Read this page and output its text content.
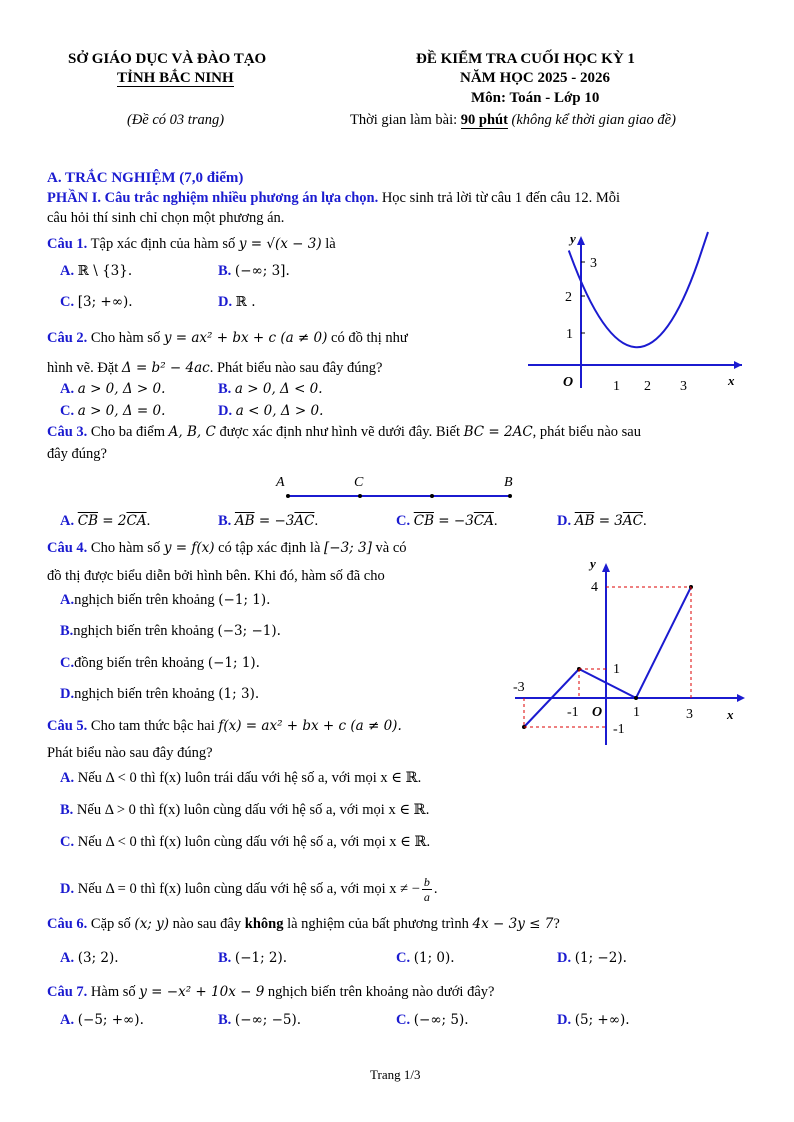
SỞ GIÁO DỤC VÀ ĐÀO TẠO
TỈNH BẮC NINH
(Đề có 03 trang)
ĐỀ KIỂM TRA CUỐI HỌC KỲ 1
NĂM HỌC 2025 - 2026
Môn: Toán - Lớp 10
Thời gian làm bài: 90 phút (không kể thời gian giao đề)
A. TRẮC NGHIỆM (7,0 điểm)
PHẦN I. Câu trắc nghiệm nhiều phương án lựa chọn. Học sinh trả lời từ câu 1 đến câu 12. Mỗi
câu hỏi thí sinh chỉ chọn một phương án.
Câu 1. Tập xác định của hàm số y = √(x − 3) là
A. ℝ \ {3}.	B. (−∞; 3].
C. [3; +∞).	D. ℝ .
Câu 2. Cho hàm số y = ax² + bx + c (a ≠ 0) có đồ thị như
hình vẽ. Đặt Δ = b² − 4ac. Phát biểu nào sau đây đúng?
A. a > 0, Δ > 0.	B. a > 0, Δ < 0.
C. a > 0, Δ = 0.	D. a < 0, Δ > 0.
y
x
O	1 2 3
1
2
3
Câu 3. Cho ba điểm A, B, C được xác định như hình vẽ dưới đây. Biết BC = 2AC, phát biểu nào sau
đây đúng?
A	C	B
A. $\overline{CB} = 2\overline{CA}$.	B. $\overline{AB} = -3\overline{AC}$.	C. $\overline{CB} = -3\overline{CA}$.	D. $\overline{AB} = 3\overline{AC}$.
Câu 4. Cho hàm số y = f(x) có tập xác định là [−3; 3] và có
đồ thị được biểu diễn bởi hình bên. Khi đó, hàm số đã cho
A.nghịch biến trên khoảng (−1; 1).
B.nghịch biến trên khoảng (−3; −1).
C.đồng biến trên khoảng (−1; 1).
D.nghịch biến trên khoảng (1; 3).
y
x
O
-1	1	3
4
1
-1
-3
Câu 5. Cho tam thức bậc hai f(x) = ax² + bx + c (a ≠ 0).
Phát biểu nào sau đây đúng?
A. Nếu Δ < 0 thì f(x) luôn trái dấu với hệ số a, với mọi x ∈ ℝ.
B. Nếu Δ > 0 thì f(x) luôn cùng dấu với hệ số a, với mọi x ∈ ℝ.
C. Nếu Δ < 0 thì f(x) luôn cùng dấu với hệ số a, với mọi x ∈ ℝ.
D. Nếu Δ = 0 thì f(x) luôn cùng dấu với hệ số a, với mọi x ≠ − $\frac{b}{a}$ .
Câu 6. Cặp số (x; y) nào sau đây không là nghiệm của bất phương trình 4x − 3y ≤ 7?
A. (3; 2).	B. (−1; 2).	C. (1; 0).	D. (1; −2).
Câu 7. Hàm số y = −x² + 10x − 9 nghịch biến trên khoảng nào dưới đây?
A. (−5; +∞).	B. (−∞; −5).	C. (−∞; 5).	D. (5; +∞).
Trang 1/3
